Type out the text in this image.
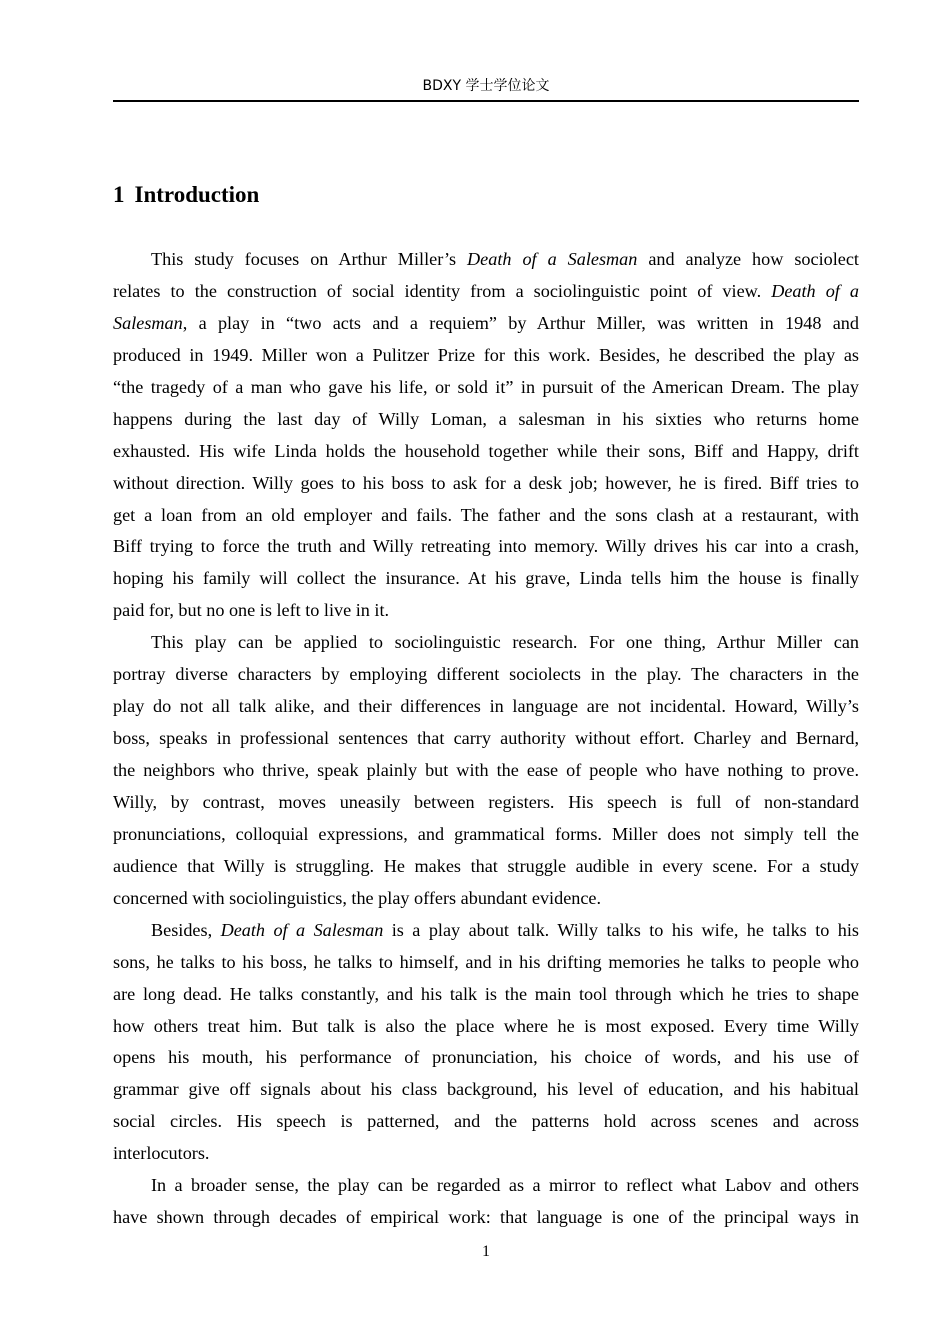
BDXY 学士学位论文
1 Introduction
This study focuses on Arthur Miller’s Death of a Salesman and analyze how sociolect
relates to the construction of social identity from a sociolinguistic point of view. Death of a
Salesman, a play in “two acts and a requiem” by Arthur Miller, was written in 1948 and
produced in 1949. Miller won a Pulitzer Prize for this work. Besides, he described the play as
“the tragedy of a man who gave his life, or sold it” in pursuit of the American Dream. The play
happens during the last day of Willy Loman, a salesman in his sixties who returns home
exhausted. His wife Linda holds the household together while their sons, Biff and Happy, drift
without direction. Willy goes to his boss to ask for a desk job; however, he is fired. Biff tries to
get a loan from an old employer and fails. The father and the sons clash at a restaurant, with
Biff trying to force the truth and Willy retreating into memory. Willy drives his car into a crash,
hoping his family will collect the insurance. At his grave, Linda tells him the house is finally
paid for, but no one is left to live in it.
This play can be applied to sociolinguistic research. For one thing, Arthur Miller can
portray diverse characters by employing different sociolects in the play. The characters in the
play do not all talk alike, and their differences in language are not incidental. Howard, Willy’s
boss, speaks in professional sentences that carry authority without effort. Charley and Bernard,
the neighbors who thrive, speak plainly but with the ease of people who have nothing to prove.
Willy, by contrast, moves uneasily between registers. His speech is full of non-standard
pronunciations, colloquial expressions, and grammatical forms. Miller does not simply tell the
audience that Willy is struggling. He makes that struggle audible in every scene. For a study
concerned with sociolinguistics, the play offers abundant evidence.
Besides, Death of a Salesman is a play about talk. Willy talks to his wife, he talks to his
sons, he talks to his boss, he talks to himself, and in his drifting memories he talks to people who
are long dead. He talks constantly, and his talk is the main tool through which he tries to shape
how others treat him. But talk is also the place where he is most exposed. Every time Willy
opens his mouth, his performance of pronunciation, his choice of words, and his use of
grammar give off signals about his class background, his level of education, and his habitual
social circles. His speech is patterned, and the patterns hold across scenes and across
interlocutors.
In a broader sense, the play can be regarded as a mirror to reflect what Labov and others
have shown through decades of empirical work: that language is one of the principal ways in
1
